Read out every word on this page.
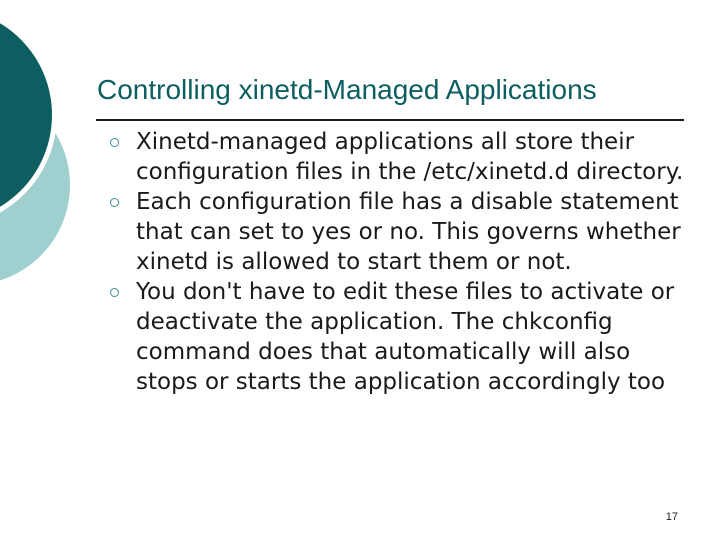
Controlling xinetd-Managed Applications
Xinetd-managed applications all store their configuration files in the /etc/xinetd.d directory.
Each configuration file has a disable statement that can set to yes or no. This governs whether xinetd is allowed to start them or not.
You don't have to edit these files to activate or deactivate the application. The chkconfig command does that automatically will also stops or starts the application accordingly too
17
